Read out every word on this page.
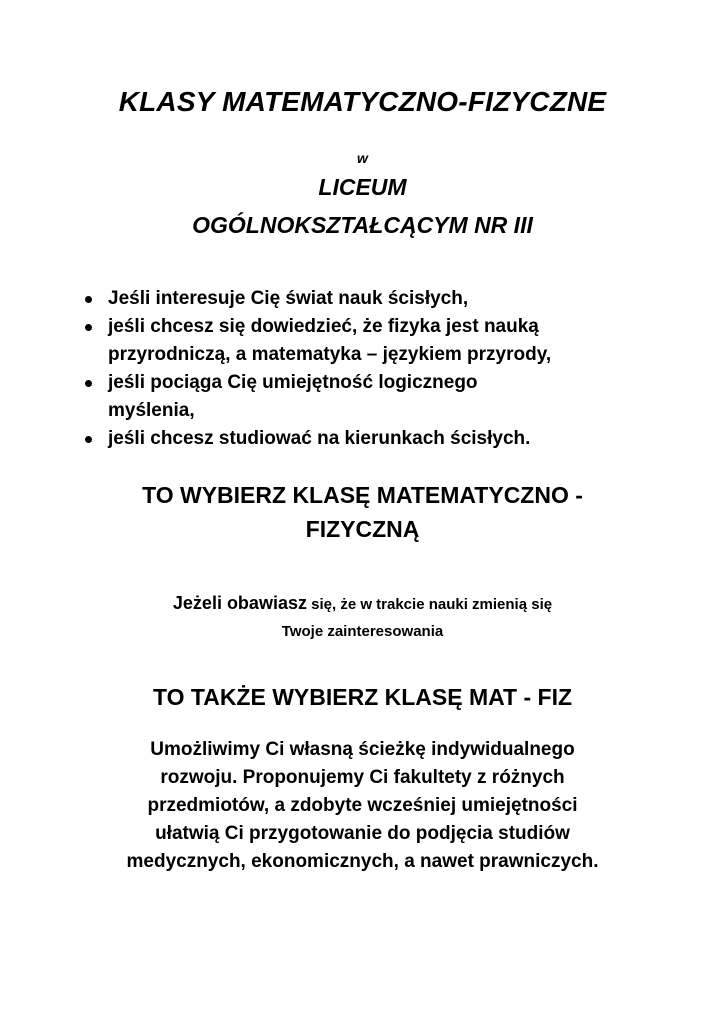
KLASY MATEMATYCZNO-FIZYCZNE

w

LICEUM

OGÓLNOKSZTAŁCĄCYM NR III

Jeśli interesuje Cię świat nauk ścisłych,
jeśli chcesz się dowiedzieć, że fizyka jest nauką
przyrodniczą, a matematyka – językiem przyrody,
jeśli pociąga Cię umiejętność logicznego
myślenia,
jeśli chcesz studiować na kierunkach ścisłych.

TO WYBIERZ KLASĘ MATEMATYCZNO -
FIZYCZNĄ

Jeżeli obawiasz się, że w trakcie nauki zmienią się
Twoje zainteresowania

TO TAKŻE WYBIERZ KLASĘ MAT - FIZ

Umożliwimy Ci własną ścieżkę indywidualnego
rozwoju. Proponujemy Ci fakultety z różnych
przedmiotów, a zdobyte wcześniej umiejętności
ułatwią Ci przygotowanie do podjęcia studiów
medycznych, ekonomicznych, a nawet prawniczych.
